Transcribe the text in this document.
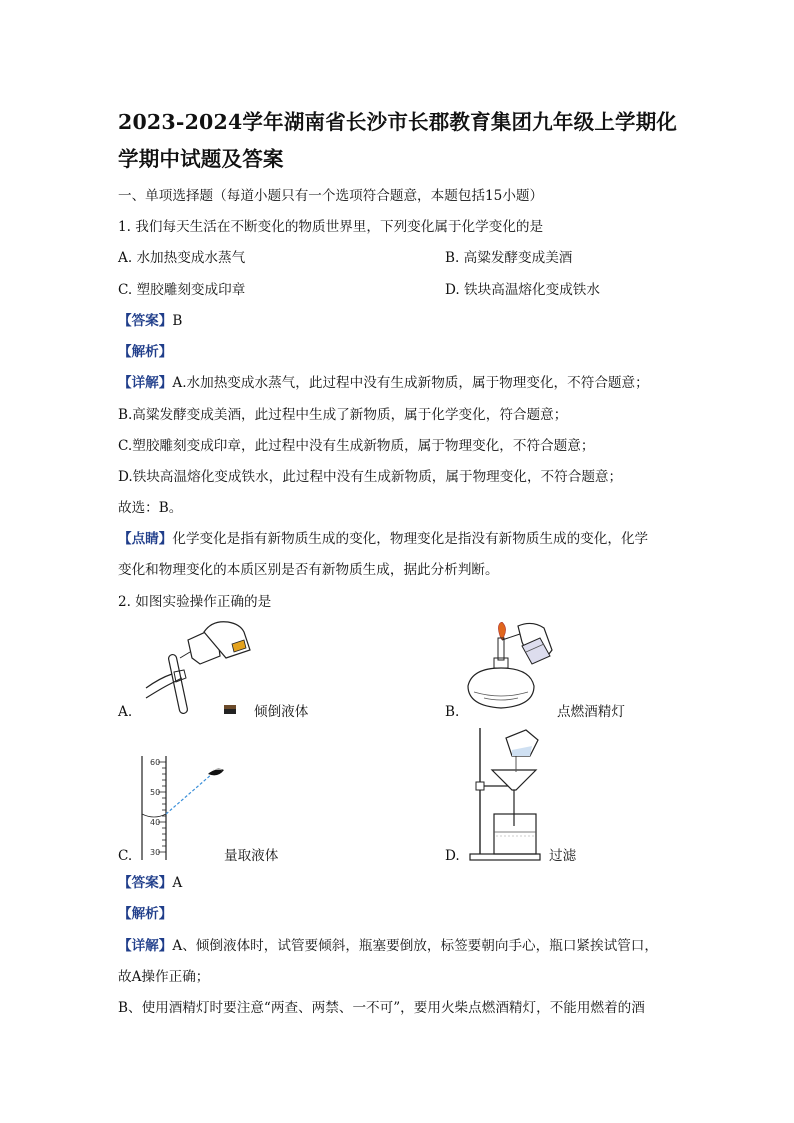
2023-2024学年湖南省长沙市长郡教育集团九年级上学期化
学期中试题及答案
一、单项选择题（每道小题只有一个选项符合题意，本题包括15小题）
1. 我们每天生活在不断变化的物质世界里，下列变化属于化学变化的是
A. 水加热变成水蒸气	B. 高粱发酵变成美酒
C. 塑胶雕刻变成印章	D. 铁块高温熔化变成铁水
【答案】B
【解析】
【详解】A.水加热变成水蒸气，此过程中没有生成新物质，属于物理变化，不符合题意；
B.高粱发酵变成美酒，此过程中生成了新物质，属于化学变化，符合题意；
C.塑胶雕刻变成印章，此过程中没有生成新物质，属于物理变化，不符合题意；
D.铁块高温熔化变成铁水，此过程中没有生成新物质，属于物理变化，不符合题意；
故选：B。
【点睛】化学变化是指有新物质生成的变化，物理变化是指没有新物质生成的变化，化学
变化和物理变化的本质区别是否有新物质生成，据此分析判断。
2. 如图实验操作正确的是
A.	倾倒液体	B.	点燃酒精灯
60
50
40
30
C.	量取液体	D.	过滤
【答案】A
【解析】
【详解】A、倾倒液体时，试管要倾斜，瓶塞要倒放，标签要朝向手心，瓶口紧挨试管口，
故A操作正确；
B、使用酒精灯时要注意“两查、两禁、一不可”，要用火柴点燃酒精灯，不能用燃着的酒
